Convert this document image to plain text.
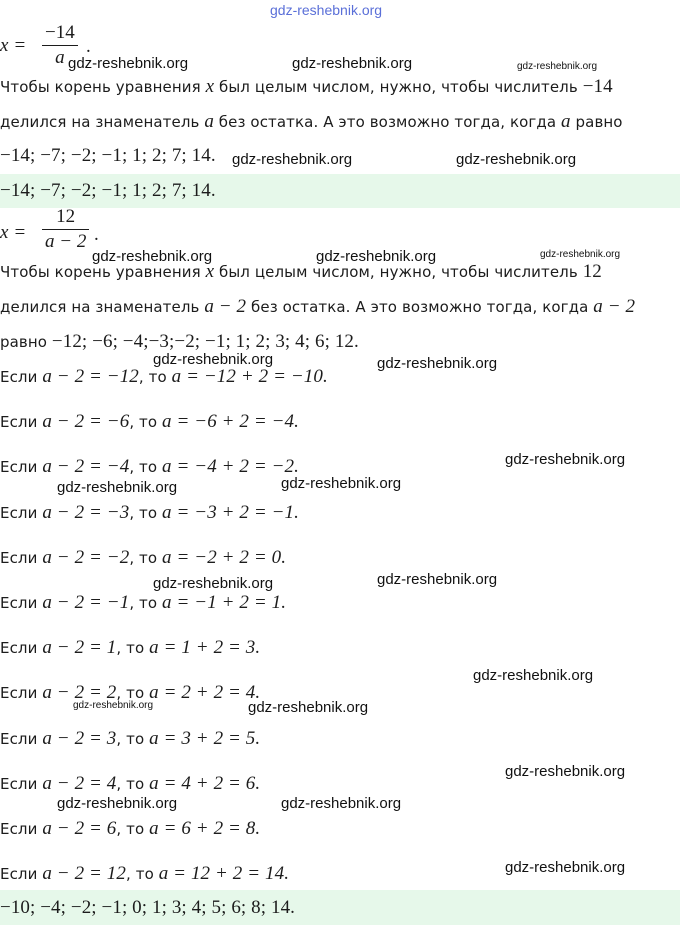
gdz-reshebnik.org
x =
−14
a
.
Чтобы корень уравнения x был целым числом, нужно, чтобы числитель −14
делился на знаменатель a без остатка. А это возможно тогда, когда a равно
−14; −7; −2; −1; 1; 2; 7; 14.
−14; −7; −2; −1; 1; 2; 7; 14.
x =
12
a − 2 .
Чтобы корень уравнения x был целым числом, нужно, чтобы числитель 12
делился на знаменатель a − 2 без остатка. А это возможно тогда, когда a − 2
равно −12; −6; −4;−3;−2; −1; 1; 2; 3; 4; 6; 12.
Если a − 2 = −12, то a = −12 + 2 = −10.
Если a − 2 = −6, то a = −6 + 2 = −4.
Если a − 2 = −4, то a = −4 + 2 = −2.
Если a − 2 = −3, то a = −3 + 2 = −1.
Если a − 2 = −2, то a = −2 + 2 = 0.
Если a − 2 = −1, то a = −1 + 2 = 1.
Если a − 2 = 1, то a = 1 + 2 = 3.
Если a − 2 = 2, то a = 2 + 2 = 4.
Если a − 2 = 3, то a = 3 + 2 = 5.
Если a − 2 = 4, то a = 4 + 2 = 6.
Если a − 2 = 6, то a = 6 + 2 = 8.
Если a − 2 = 12, то a = 12 + 2 = 14.
−10; −4; −2; −1; 0; 1; 3; 4; 5; 6; 8; 14.
gdz-reshebnik.org	gdz-reshebnik.org	gdz-reshebnik.org
gdz-reshebnik.org	gdz-reshebnik.org
gdz-reshebnik.org	gdz-reshebnik.org	gdz-reshebnik.org
gdz-reshebnik.org	gdz-reshebnik.org
gdz-reshebnik.org
gdz-reshebnik.org	gdz-reshebnik.org
gdz-reshebnik.org	gdz-reshebnik.org
gdz-reshebnik.org
gdz-reshebnik.org	gdz-reshebnik.org
gdz-reshebnik.org
gdz-reshebnik.org	gdz-reshebnik.org
gdz-reshebnik.org
